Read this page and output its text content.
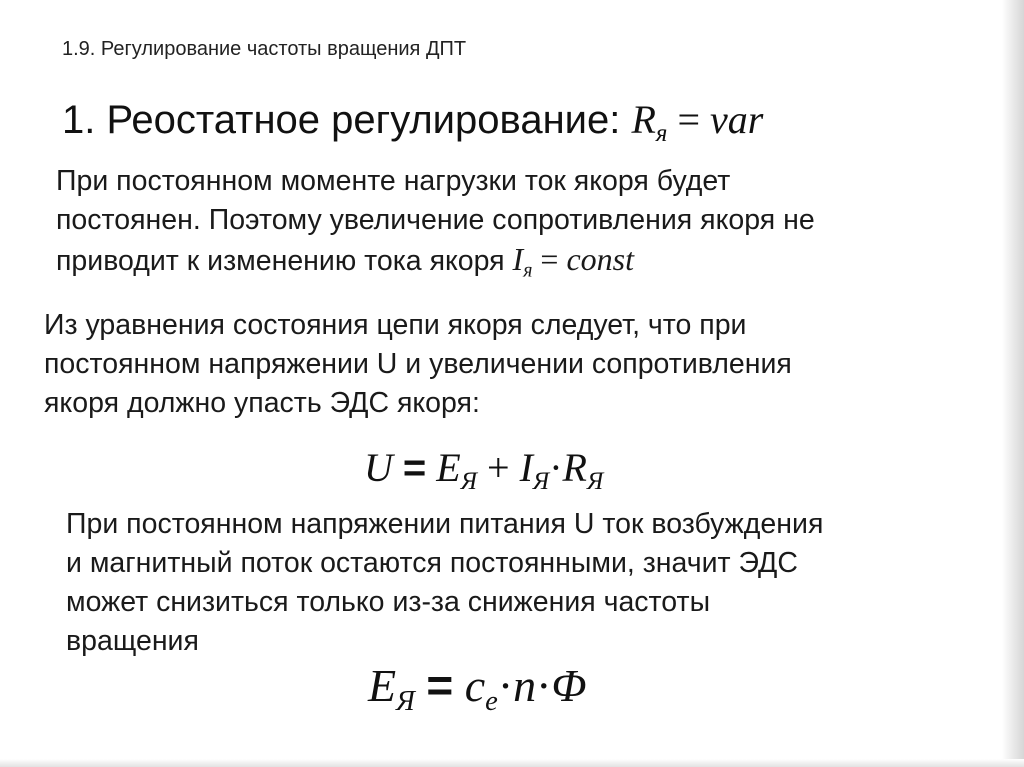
1.9. Регулирование частоты вращения ДПТ
1. Реостатное регулирование: $R_я$ = var
При постоянном моменте нагрузки ток якоря будет
постоянен. Поэтому увеличение сопротивления якоря не
приводит к изменению тока якоря $I_я$ = const
Из уравнения состояния цепи якоря следует, что при
постоянном напряжении U и увеличении сопротивления
якоря должно упасть ЭДС якоря:
$U = E_Я + I_Я\cdot R_Я$
При постоянном напряжении питания U ток возбуждения
и магнитный поток остаются постоянными, значит ЭДС
может снизиться только из-за снижения частоты
вращения
$E_Я = c_e\cdot n\cdot\Phi$
